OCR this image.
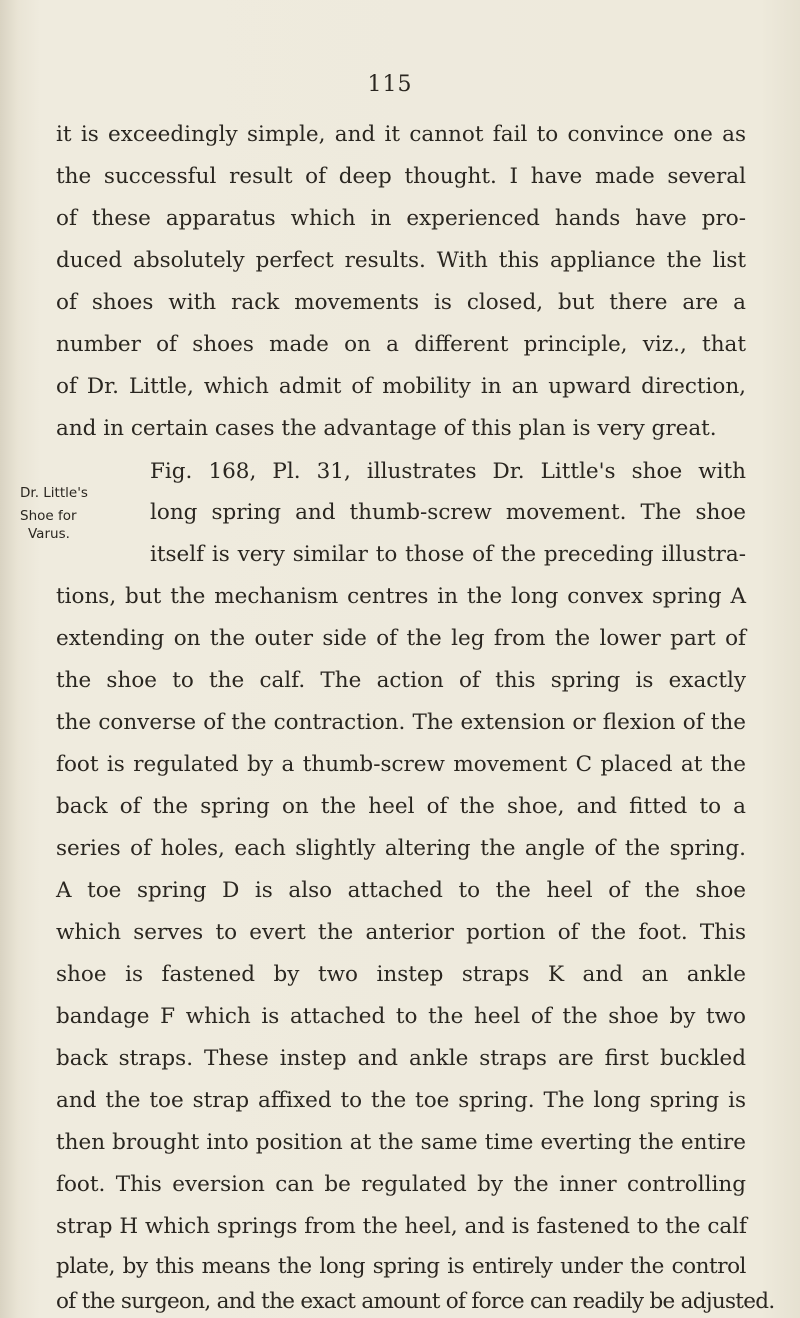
115
it is exceedingly simple, and it cannot fail to convince one as
the successful result of deep thought. I have made several
of these apparatus which in experienced hands have pro-
duced absolutely perfect results. With this appliance the list
of shoes with rack movements is closed, but there are a
number of shoes made on a different principle, viz., that
of Dr. Little, which admit of mobility in an upward direction,
and in certain cases the advantage of this plan is very great.
Fig. 168, Pl. 31, illustrates Dr. Little's shoe with
long spring and thumb-screw movement. The shoe
itself is very similar to those of the preceding illustra-
tions, but the mechanism centres in the long convex spring A
extending on the outer side of the leg from the lower part of
the shoe to the calf. The action of this spring is exactly
the converse of the contraction. The extension or flexion of the
foot is regulated by a thumb-screw movement C placed at the
back of the spring on the heel of the shoe, and fitted to a
series of holes, each slightly altering the angle of the spring.
A toe spring D is also attached to the heel of the shoe
which serves to evert the anterior portion of the foot. This
shoe is fastened by two instep straps K and an ankle
bandage F which is attached to the heel of the shoe by two
back straps. These instep and ankle straps are first buckled
and the toe strap affixed to the toe spring. The long spring is
then brought into position at the same time everting the entire
foot. This eversion can be regulated by the inner controlling
strap H which springs from the heel, and is fastened to the calf
plate, by this means the long spring is entirely under the control
of the surgeon, and the exact amount of force can readily be adjusted.
Dr. Little's
Shoe for
Varus.
